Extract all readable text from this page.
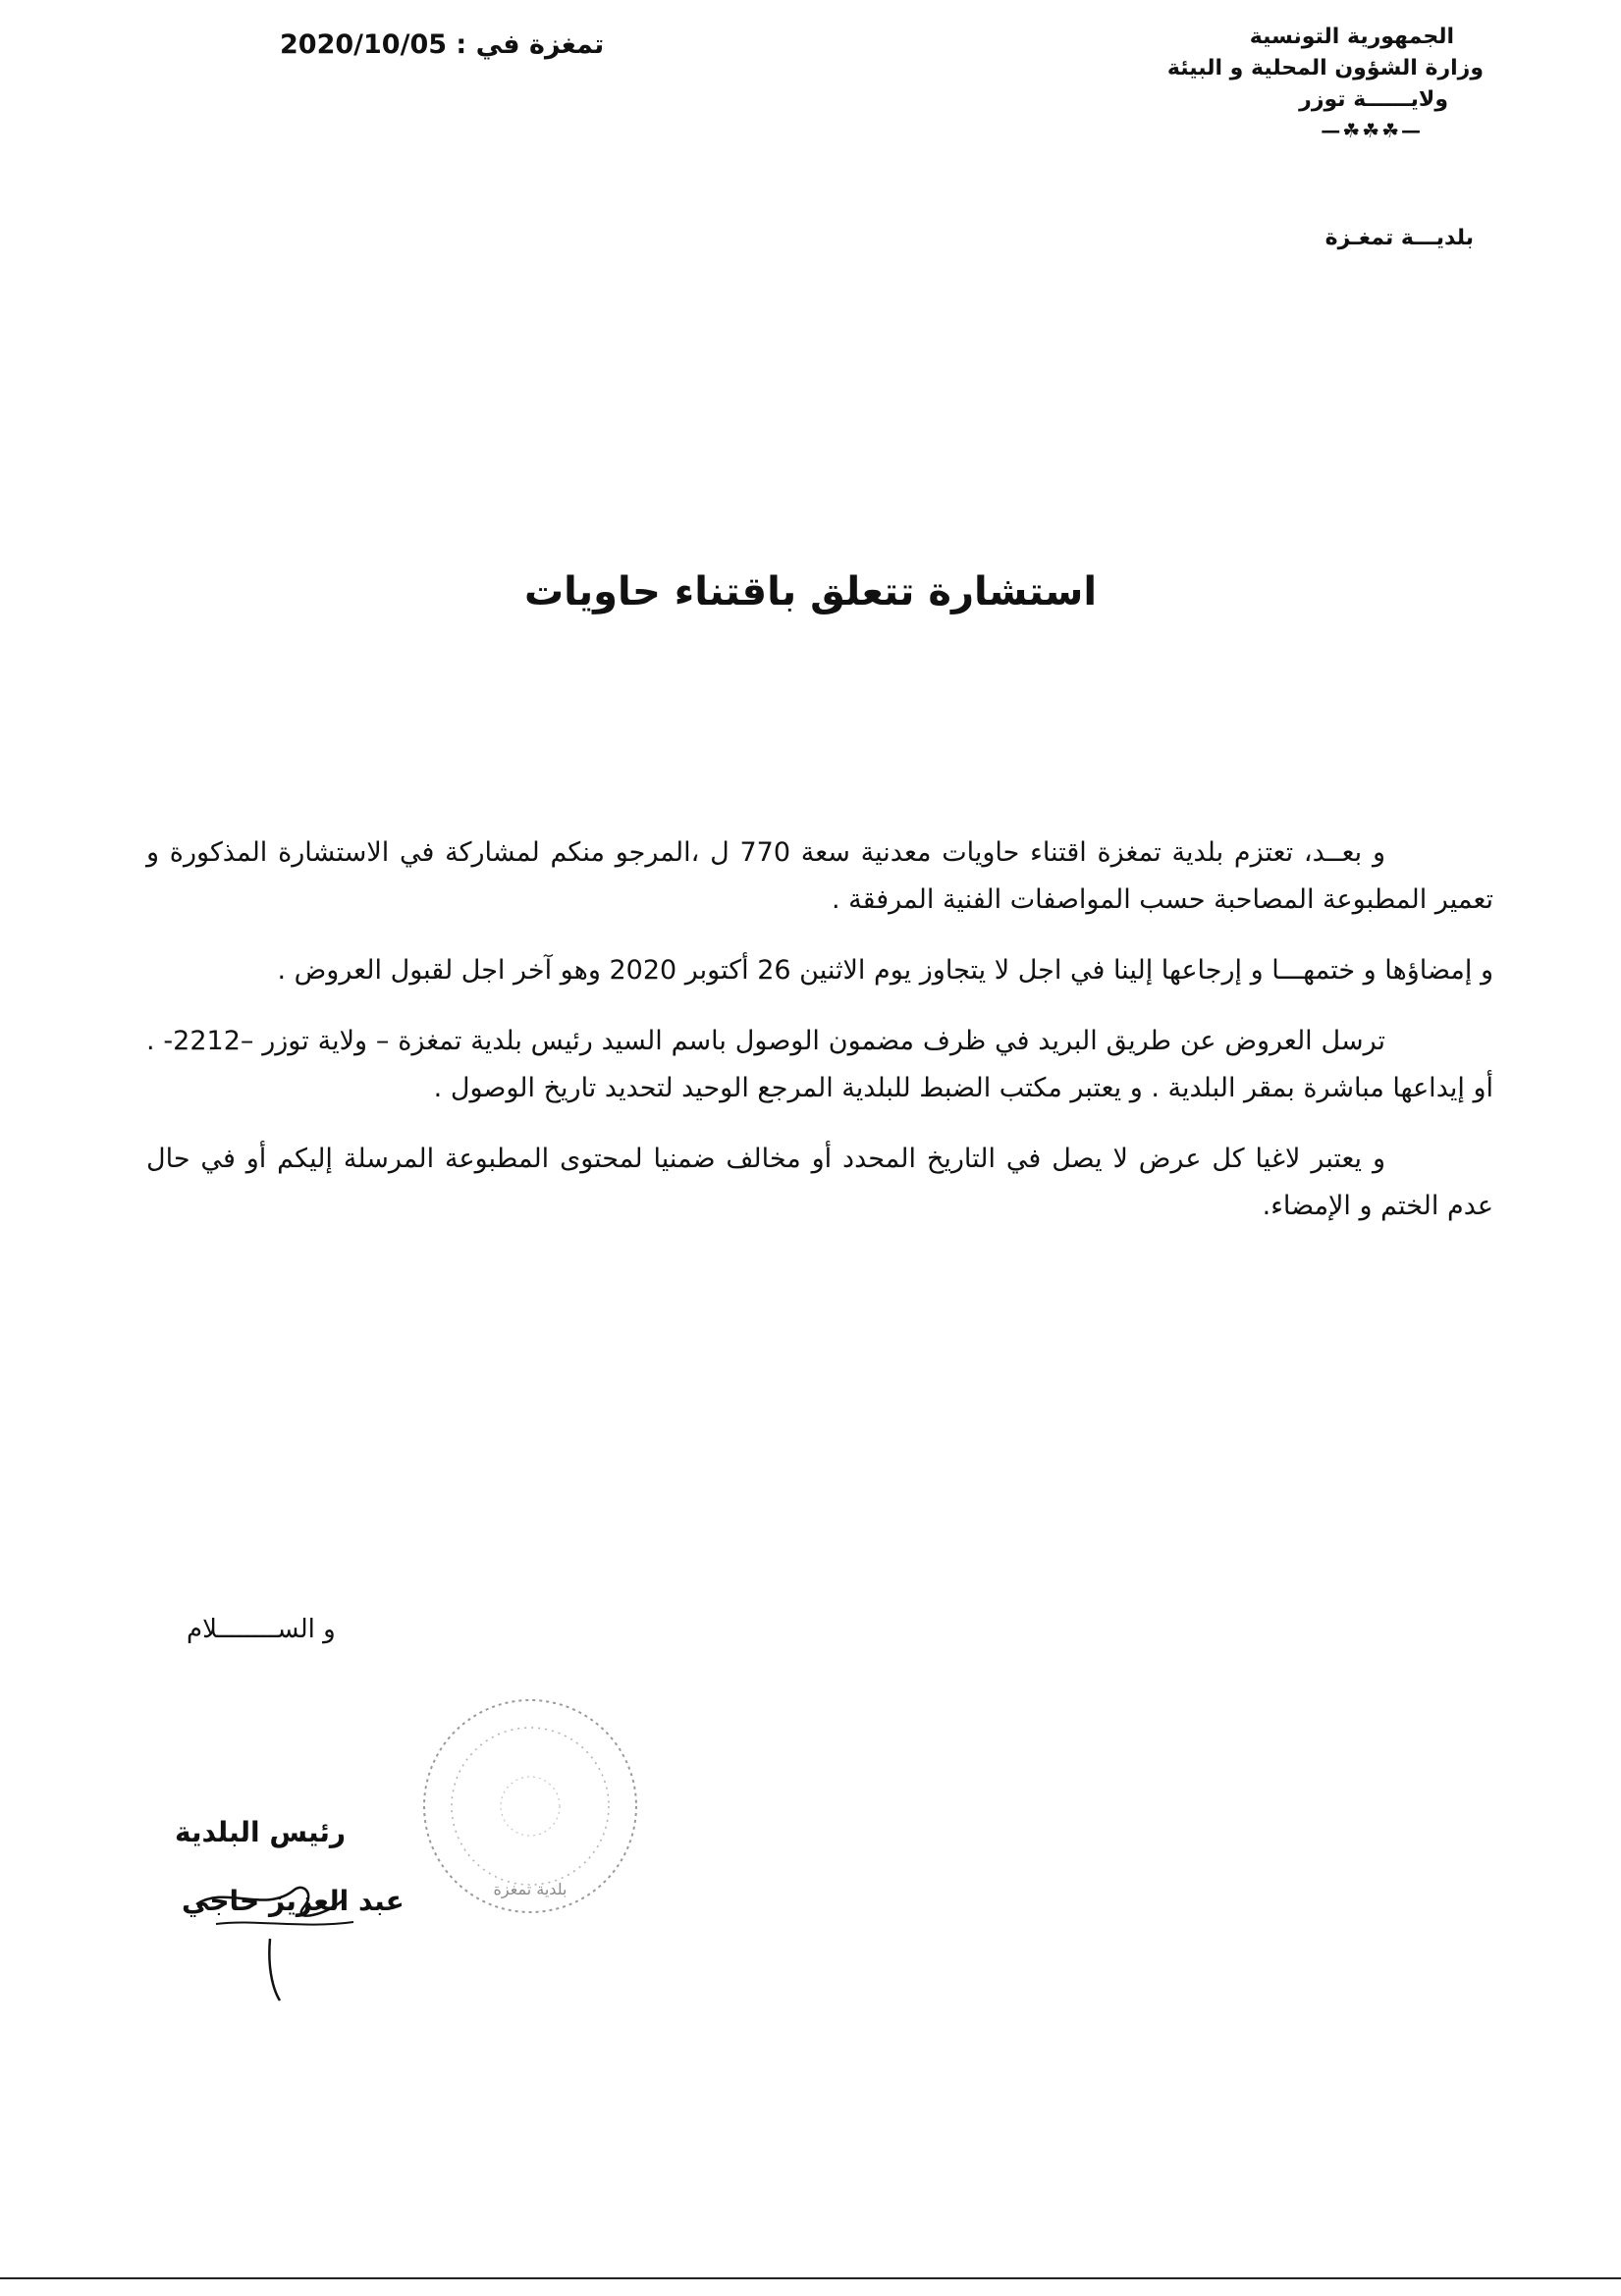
الجمهورية التونسية
وزارة الشؤون المحلية و البيئة
ولايــــــة توزر
—☘☘☘—
بلديـــة تمغـزة
تمغزة في : 2020/10/05
استشارة تتعلق باقتناء حاويات

و بعــد، تعتزم بلدية تمغزة اقتناء حاويات معدنية سعة 770 ل ،المرجو منكم لمشاركة في الاستشارة المذكورة و تعمير المطبوعة المصاحبة حسب المواصفات الفنية المرفقة .

و إمضاؤها و ختمهـــا و إرجاعها إلينا في اجل لا يتجاوز يوم الاثنين 26 أكتوبر 2020 وهو آخر اجل لقبول العروض .

ترسل العروض عن طريق البريد في ظرف مضمون الوصول باسم السيد رئيس بلدية تمغزة – ولاية توزر –2212- . أو إيداعها مباشرة بمقر البلدية . و يعتبر مكتب الضبط للبلدية المرجع الوحيد لتحديد تاريخ الوصول .

و يعتبر لاغيا كل عرض لا يصل في التاريخ المحدد أو مخالف ضمنيا لمحتوى المطبوعة المرسلة إليكم أو في حال عدم الختم و الإمضاء.

و الســــــــلام
بلدية تمغزة
رئيس البلدية
عبد العزيز حاجي
